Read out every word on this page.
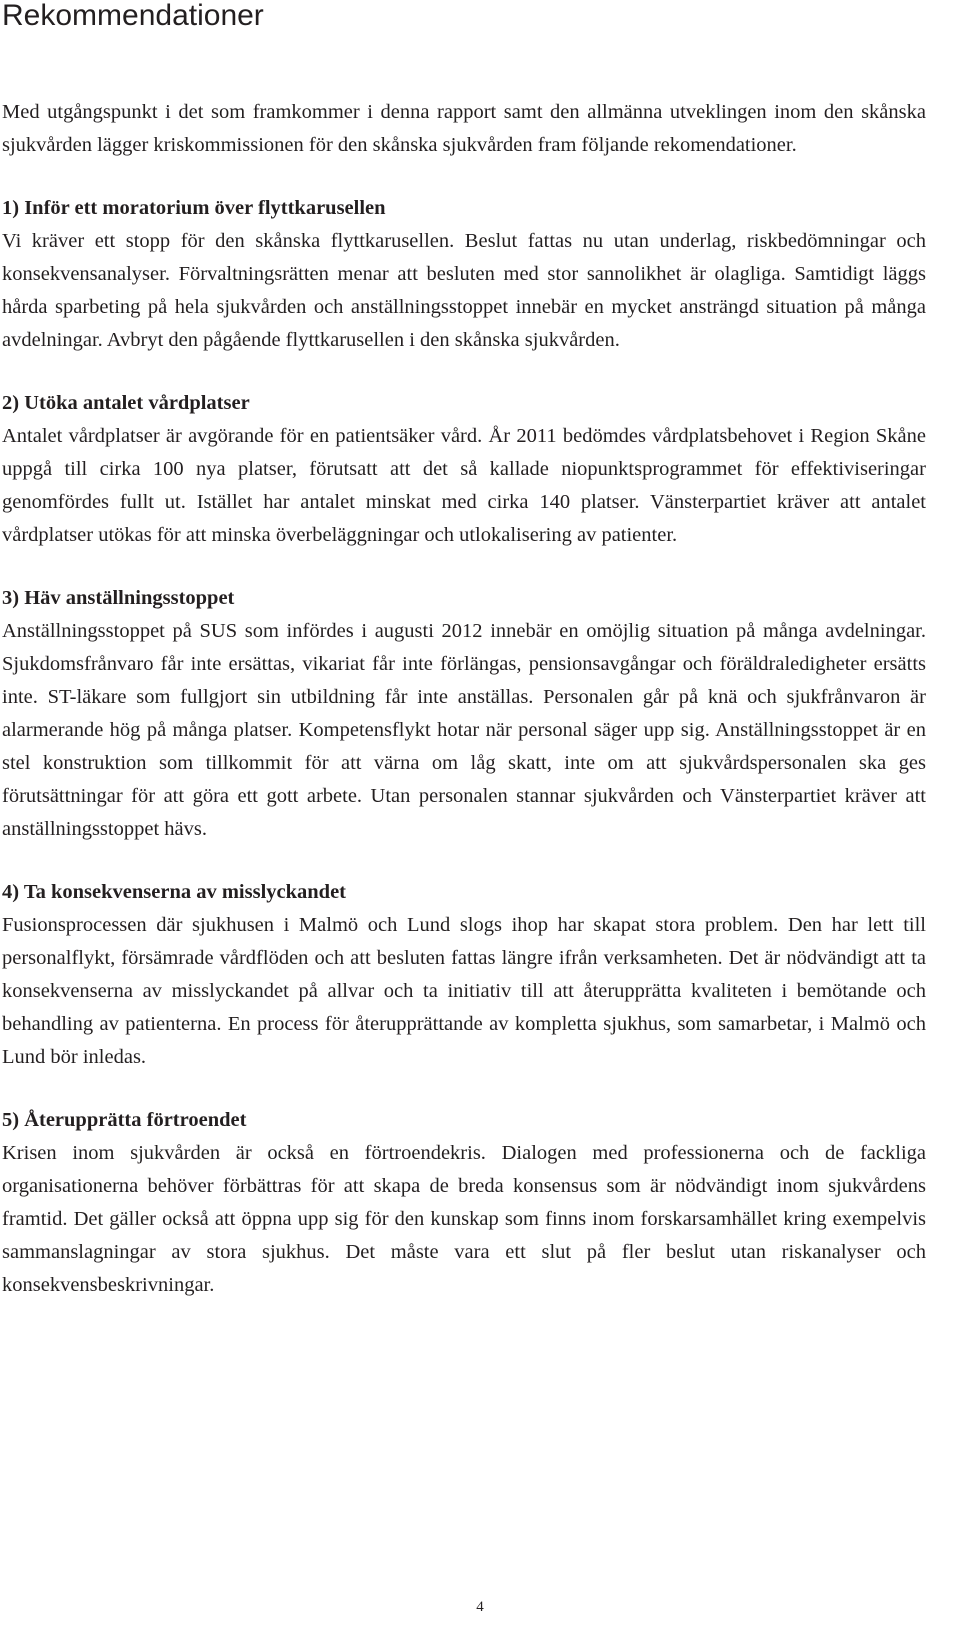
Rekommendationer

Med utgångspunkt i det som framkommer i denna rapport samt den allmänna utveklingen inom den skånska sjukvården lägger kriskommissionen för den skånska sjukvården fram följande rekomendationer.

1) Inför ett moratorium över flyttkarusellen

Vi kräver ett stopp för den skånska flyttkarusellen. Beslut fattas nu utan underlag, riskbedömningar och konsekvensanalyser. Förvaltningsrätten menar att besluten med stor sannolikhet är olagliga. Samtidigt läggs hårda sparbeting på hela sjukvården och anställningsstoppet innebär en mycket ansträngd situation på många avdelningar. Avbryt den pågående flyttkarusellen i den skånska sjukvården.

2) Utöka antalet vårdplatser

Antalet vårdplatser är avgörande för en patientsäker vård. År 2011 bedömdes vårdplatsbehovet i Region Skåne uppgå till cirka 100 nya platser, förutsatt att det så kallade niopunktsprogrammet för effektiviseringar genomfördes fullt ut. Istället har antalet minskat med cirka 140 platser. Vänsterpartiet kräver att antalet vårdplatser utökas för att minska överbeläggningar och utlokalisering av patienter.

3) Häv anställningsstoppet

Anställningsstoppet på SUS som infördes i augusti 2012 innebär en omöjlig situation på många avdelningar. Sjukdomsfrånvaro får inte ersättas, vikariat får inte förlängas, pensionsavgångar och föräldraledigheter ersätts inte. ST-läkare som fullgjort sin utbildning får inte anställas. Personalen går på knä och sjukfrånvaron är alarmerande hög på många platser. Kompetensflykt hotar när personal säger upp sig. Anställningsstoppet är en stel konstruktion som tillkommit för att värna om låg skatt, inte om att sjukvårdspersonalen ska ges förutsättningar för att göra ett gott arbete. Utan personalen stannar sjukvården och Vänsterpartiet kräver att anställningsstoppet hävs.

4) Ta konsekvenserna av misslyckandet

Fusionsprocessen där sjukhusen i Malmö och Lund slogs ihop har skapat stora problem. Den har lett till personalflykt, försämrade vårdflöden och att besluten fattas längre ifrån verksamheten. Det är nödvändigt att ta konsekvenserna av misslyckandet på allvar och ta initiativ till att återupprätta kvaliteten i bemötande och behandling av patienterna. En process för återupprättande av kompletta sjukhus, som samarbetar, i Malmö och Lund bör inledas.

5) Återupprätta förtroendet

Krisen inom sjukvården är också en förtroendekris. Dialogen med professionerna och de fackliga organisationerna behöver förbättras för att skapa de breda konsensus som är nödvändigt inom sjukvårdens framtid. Det gäller också att öppna upp sig för den kunskap som finns inom forskarsamhället kring exempelvis sammanslagningar av stora sjukhus. Det måste vara ett slut på fler beslut utan riskanalyser och konsekvensbeskrivningar.

4
